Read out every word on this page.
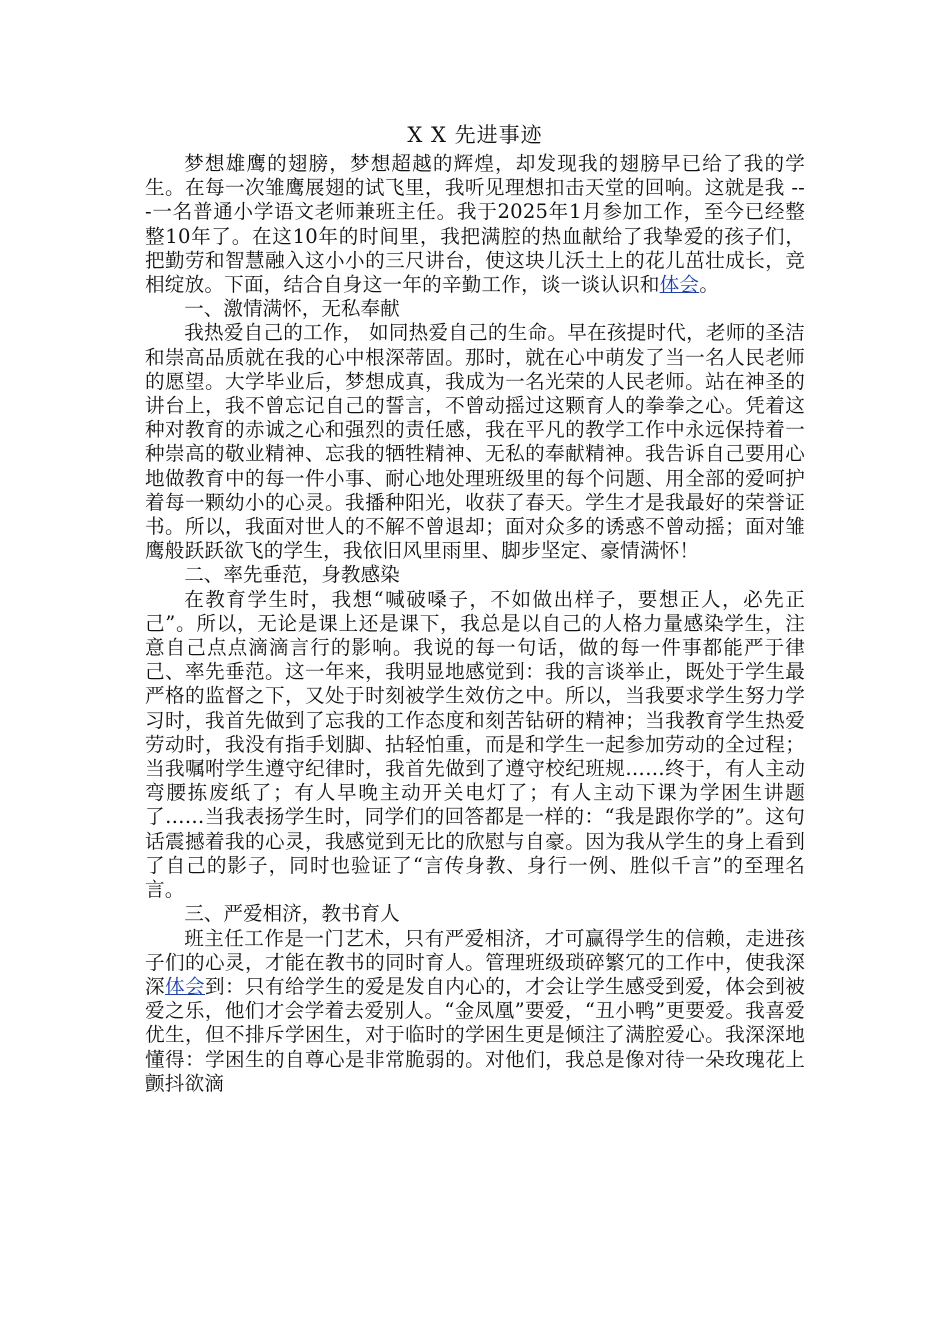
X X 先进事迹

梦想雄鹰的翅膀，梦想超越的辉煌，却发现我的翅膀早已给了我的学生。在每一次雏鹰展翅的试飞里，我听见理想扣击天堂的回响。这就是我 ---一名普通小学语文老师兼班主任。我于2025年1月参加工作，至今已经整整10年了。在这10年的时间里，我把满腔的热血献给了我挚爱的孩子们，把勤劳和智慧融入这小小的三尺讲台，使这块儿沃土上的花儿茁壮成长，竞相绽放。下面，结合自身这一年的辛勤工作，谈一谈认识和体会。

一、激情满怀，无私奉献

我热爱自己的工作， 如同热爱自己的生命。早在孩提时代，老师的圣洁和崇高品质就在我的心中根深蒂固。那时，就在心中萌发了当一名人民老师的愿望。大学毕业后，梦想成真，我成为一名光荣的人民老师。站在神圣的讲台上，我不曾忘记自己的誓言，不曾动摇过这颗育人的拳拳之心。凭着这种对教育的赤诚之心和强烈的责任感，我在平凡的教学工作中永远保持着一种崇高的敬业精神、忘我的牺牲精神、无私的奉献精神。我告诉自己要用心地做教育中的每一件小事、耐心地处理班级里的每个问题、用全部的爱呵护着每一颗幼小的心灵。我播种阳光，收获了春天。学生才是我最好的荣誉证书。所以，我面对世人的不解不曾退却；面对众多的诱惑不曾动摇；面对雏鹰般跃跃欲飞的学生，我依旧风里雨里、脚步坚定、豪情满怀！

二、率先垂范，身教感染

在教育学生时，我想“喊破嗓子，不如做出样子，要想正人，必先正己”。所以，无论是课上还是课下，我总是以自己的人格力量感染学生，注意自己点点滴滴言行的影响。我说的每一句话，做的每一件事都能严于律己、率先垂范。这一年来，我明显地感觉到：我的言谈举止，既处于学生最严格的监督之下，又处于时刻被学生效仿之中。所以，当我要求学生努力学习时，我首先做到了忘我的工作态度和刻苦钻研的精神；当我教育学生热爱劳动时，我没有指手划脚、拈轻怕重，而是和学生一起参加劳动的全过程；当我嘱咐学生遵守纪律时，我首先做到了遵守校纪班规……终于，有人主动弯腰拣废纸了；有人早晚主动开关电灯了；有人主动下课为学困生讲题了……当我表扬学生时，同学们的回答都是一样的：“我是跟你学的”。这句话震撼着我的心灵，我感觉到无比的欣慰与自豪。因为我从学生的身上看到了自己的影子，同时也验证了“言传身教、身行一例、胜似千言”的至理名言。

三、严爱相济，教书育人

班主任工作是一门艺术，只有严爱相济，才可赢得学生的信赖，走进孩子们的心灵，才能在教书的同时育人。管理班级琐碎繁冗的工作中，使我深深体会到：只有给学生的爱是发自内心的，才会让学生感受到爱，体会到被爱之乐，他们才会学着去爱别人。“金凤凰”要爱，“丑小鸭”更要爱。我喜爱优生，但不排斥学困生，对于临时的学困生更是倾注了满腔爱心。我深深地懂得：学困生的自尊心是非常脆弱的。对他们，我总是像对待一朵玫瑰花上颤抖欲滴
